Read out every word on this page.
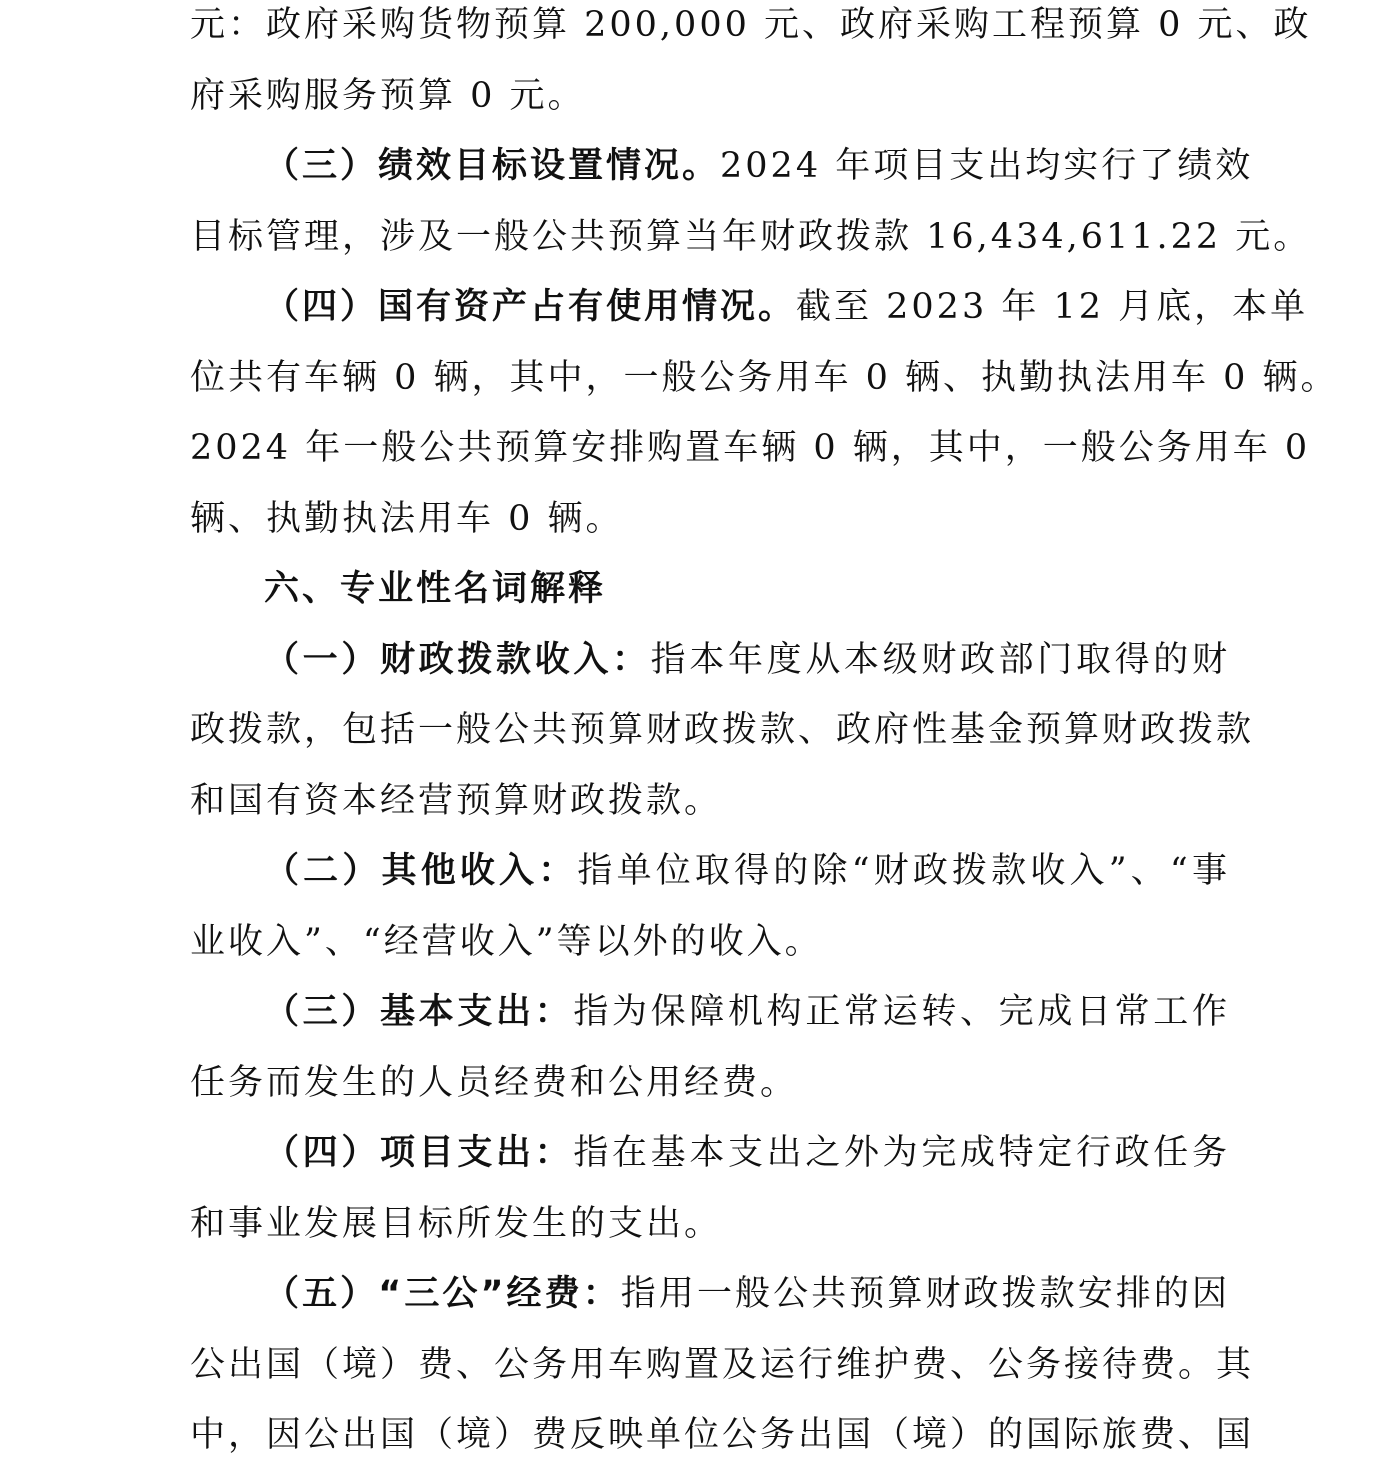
元：政府采购货物预算 200,000 元、政府采购工程预算 0 元、政
府采购服务预算 0 元。
（三）绩效目标设置情况。2024 年项目支出均实行了绩效
目标管理，涉及一般公共预算当年财政拨款 16,434,611.22 元。
（四）国有资产占有使用情况。截至 2023 年 12 月底，本单
位共有车辆 0 辆，其中，一般公务用车 0 辆、执勤执法用车 0 辆。
2024 年一般公共预算安排购置车辆 0 辆，其中，一般公务用车 0
辆、执勤执法用车 0 辆。
六、专业性名词解释
（一）财政拨款收入：指本年度从本级财政部门取得的财
政拨款，包括一般公共预算财政拨款、政府性基金预算财政拨款
和国有资本经营预算财政拨款。
（二）其他收入：指单位取得的除“财政拨款收入”、“事
业收入”、“经营收入”等以外的收入。
（三）基本支出：指为保障机构正常运转、完成日常工作
任务而发生的人员经费和公用经费。
（四）项目支出：指在基本支出之外为完成特定行政任务
和事业发展目标所发生的支出。
（五）“三公”经费：指用一般公共预算财政拨款安排的因
公出国（境）费、公务用车购置及运行维护费、公务接待费。其
中，因公出国（境）费反映单位公务出国（境）的国际旅费、国
